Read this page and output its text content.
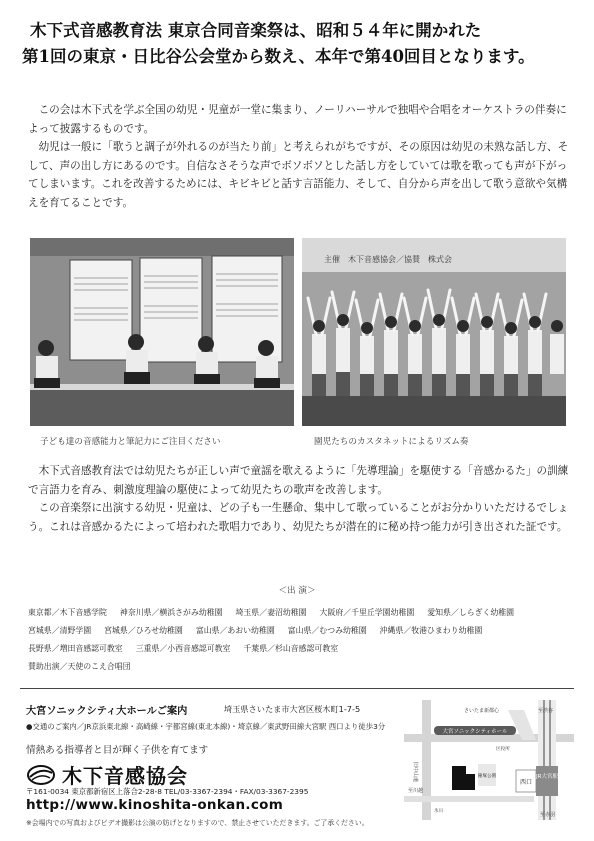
木下式音感教育法 東京合同音楽祭は、昭和５４年に開かれた
第1回の東京・日比谷公会堂から数え、本年で第40回目となります。

この会は木下式を学ぶ全国の幼児・児童が一堂に集まり、ノーリハーサルで独唱や合唱をオーケストラの伴奏によって披露するものです。

幼児は一般に「歌うと調子が外れるのが当たり前」と考えられがちですが、その原因は幼児の未熟な話し方、そして、声の出し方にあるのです。自信なさそうな声でボソボソとした話し方をしていては歌を歌っても声が下がってしまいます。これを改善するためには、キビキビと話す言語能力、そして、自分から声を出して歌う意欲や気構えを育てることです。

主催　木下音感協会／協賛　株式会
子ども達の音感能力と筆記力にご注目ください	園児たちのカスタネットによるリズム奏

木下式音感教育法では幼児たちが正しい声で童謡を歌えるように「先導理論」を駆使する「音感かるた」の訓練で言語力を育み、刺激度理論の駆使によって幼児たちの歌声を改善します。

この音楽祭に出演する幼児・児童は、どの子も一生懸命、集中して歌っていることがお分かりいただけるでしょう。これは音感かるたによって培われた歌唱力であり、幼児たちが潜在的に秘め持つ能力が引き出された証です。

＜出 演＞
東京都／木下音感学院 神奈川県／横浜さがみ幼稚園 埼玉県／妻沼幼稚園 大阪府／千里丘学園幼稚園 愛知県／しらぎく幼稚園
宮城県／清野学園 宮城県／ひろせ幼稚園 富山県／あおい幼稚園 富山県／むつみ幼稚園 沖縄県／牧港ひまわり幼稚園
長野県／増田音感認可教室 三重県／小西音感認可教室 千葉県／杉山音感認可教室
賛助出演／天使のこえ合唱団
大宮ソニックシティ大ホールご案内	埼玉県さいたま市大宮区桜木町1-7-5
●交通のご案内／JR京浜東北線・高崎線・宇都宮線(東北本線)・埼京線／東武野田線大宮駅 西口より徒歩3分
情熱ある指導者と目が輝く子供を育てます
木下音感協会
〒161-0034 東京都新宿区上落合2-28-8 TEL/03-3367-2394・FAX/03-3367-2395
http://www.kinoshita-onkan.com
※会場内での写真およびビデオ撮影は公演の妨げとなりますので、禁止させていただきます。ご了承ください。
大宮ソニックシティホール
鐘塚公園
さいたま新都心	至渋谷
旧中山道
西口
JR大宮駅
至川越
至赤羽
区役所
氷川
